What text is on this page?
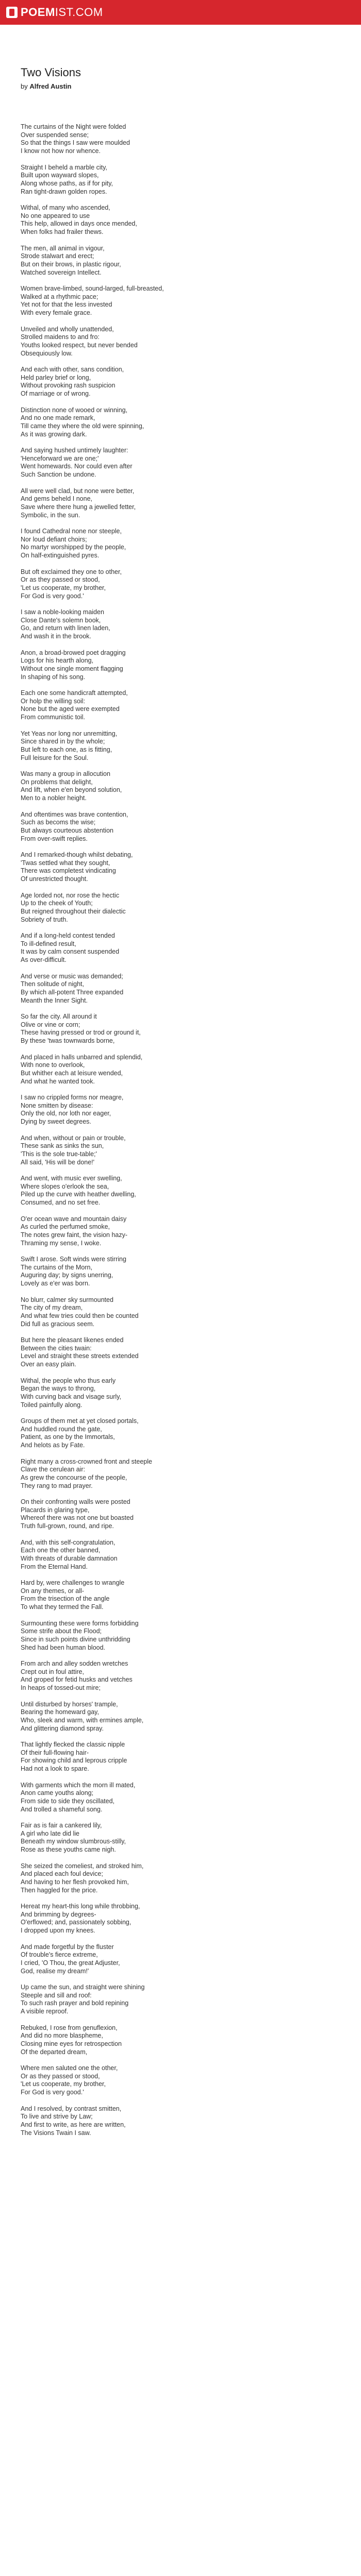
POEM IST.COM
Two Visions
by Alfred Austin

The curtains of the Night were folded
Over suspended sense;
So that the things I saw were moulded
I know not how nor whence.

Straight I beheld a marble city,
Built upon wayward slopes,
Along whose paths, as if for pity,
Ran tight-drawn golden ropes.

Withal, of many who ascended,
No one appeared to use
This help, allowed in days once mended,
When folks had frailer thews.

The men, all animal in vigour,
Strode stalwart and erect;
But on their brows, in plastic rigour,
Watched sovereign Intellect.

Women brave-limbed, sound-larged, full-breasted,
Walked at a rhythmic pace;
Yet not for that the less invested
With every female grace.

Unveiled and wholly unattended,
Strolled maidens to and fro:
Youths looked respect, but never bended
Obsequiously low.

And each with other, sans condition,
Held parley brief or long,
Without provoking rash suspicion
Of marriage or of wrong.

Distinction none of wooed or winning,
And no one made remark,
Till came they where the old were spinning,
As it was growing dark.

And saying hushed untimely laughter:
'Henceforward we are one;'
Went homewards. Nor could even after
Such Sanction be undone.

All were well clad, but none were better,
And gems beheld I none,
Save where there hung a jewelled fetter,
Symbolic, in the sun.

I found Cathedral none nor steeple,
Nor loud defiant choirs;
No martyr worshipped by the people,
On half-extinguished pyres.

But oft exclaimed they one to other,
Or as they passed or stood,
'Let us cooperate, my brother,
For God is very good.'

I saw a noble-looking maiden
Close Dante's solemn book,
Go, and return with linen laden,
And wash it in the brook.

Anon, a broad-browed poet dragging
Logs for his hearth along,
Without one single moment flagging
In shaping of his song.

Each one some handicraft attempted,
Or holp the willing soil:
None but the aged were exempted
From communistic toil.

Yet Yeas nor long nor unremitting,
Since shared in by the whole;
But left to each one, as is fitting,
Full leisure for the Soul.

Was many a group in allocution
On problems that delight,
And lift, when e'en beyond solution,
Men to a nobler height.

And oftentimes was brave contention,
Such as becoms the wise;
But always courteous abstention
From over-swift replies.

And I remarked-though whilst debating,
'Twas settled what they sought,
There was completest vindicating
Of unrestricted thought.

Age lorded not, nor rose the hectic
Up to the cheek of Youth;
But reigned throughout their dialectic
Sobriety of truth.

And if a long-held contest tended
To ill-defined result,
It was by calm consent suspended
As over-difficult.

And verse or music was demanded;
Then solitude of night,
By which all-potent Three expanded
Meanth the Inner Sight.

So far the city. All around it
Olive or vine or corn;
These having pressed or trod or ground it,
By these 'twas townwards borne,

And placed in halls unbarred and splendid,
With none to overlook,
But whither each at leisure wended,
And what he wanted took.

I saw no crippled forms nor meagre,
None smitten by disease:
Only the old, nor loth nor eager,
Dying by sweet degrees.

And when, without or pain or trouble,
These sank as sinks the sun,
'This is the sole true-table;'
All said, 'His will be done!'

And went, with music ever swelling,
Where slopes o'erlook the sea,
Piled up the curve with heather dwelling,
Consumed, and no set free.

O'er ocean wave and mountain daisy
As curled the perfumed smoke,
The notes grew faint, the vision hazy-
Thraming my sense, I woke.

Swift I arose. Soft winds were stirring
The curtains of the Morn,
Auguring day; by signs unerring,
Lovely as e'er was born.

No blurr, calmer sky surmounted
The city of my dream,
And what few tries could then be counted
Did full as gracious seem.

But here the pleasant likenes ended
Between the cities twain:
Level and straight these streets extended
Over an easy plain.

Withal, the people who thus early
Began the ways to throng,
With curving back and visage surly,
Toiled painfully along.

Groups of them met at yet closed portals,
And huddled round the gate,
Patient, as one by the Immortals,
And helots as by Fate.

Right many a cross-crowned front and steeple
Clave the cerulean air:
As grew the concourse of the people,
They rang to mad prayer.

On their confronting walls were posted
Placards in glaring type,
Whereof there was not one but boasted
Truth full-grown, round, and ripe.

And, with this self-congratulation,
Each one the other banned,
With threats of durable damnation
From the Eternal Hand.

Hard by, were challenges to wrangle
On any themes, or all-
From the trisection of the angle
To what they termed the Fall.

Surmounting these were forms forbidding
Some strife about the Flood;
Since in such points divine unthridding
Shed had been human blood.

From arch and alley sodden wretches
Crept out in foul attire,
And groped for fetid husks and vetches
In heaps of tossed-out mire;

Until disturbed by horses' trample,
Bearing the homeward gay,
Who, sleek and warm, with ermines ample,
And glittering diamond spray.

That lightly flecked the classic nipple
Of their full-flowing hair-
For showing child and leprous cripple
Had not a look to spare.

With garments which the morn ill mated,
Anon came youths along;
From side to side they oscillated,
And trolled a shameful song.

Fair as is fair a cankered lily,
A girl who late did lie
Beneath my window slumbrous-stilly,
Rose as these youths came nigh.

She seized the comeliest, and stroked him,
And placed each foul device;
And having to her flesh provoked him,
Then haggled for the price.

Hereat my heart-this long while throbbing,
And brimming by degrees-
O'erflowed; and, passionately sobbing,
I dropped upon my knees.

And made forgetful by the fluster
Of trouble's fierce extreme,
I cried, 'O Thou, the great Adjuster,
God, realise my dream!'

Up came the sun, and straight were shining
Steeple and sill and roof:
To such rash prayer and bold repining
A visible reproof.

Rebuked, I rose from genuflexion,
And did no more blaspheme,
Closing mine eyes for retrospection
Of the departed dream,

Where men saluted one the other,
Or as they passed or stood,
'Let us cooperate, my brother,
For God is very good.'

And I resolved, by contrast smitten,
To live and strive by Law;
And first to write, as here are written,
The Visions Twain I saw.
